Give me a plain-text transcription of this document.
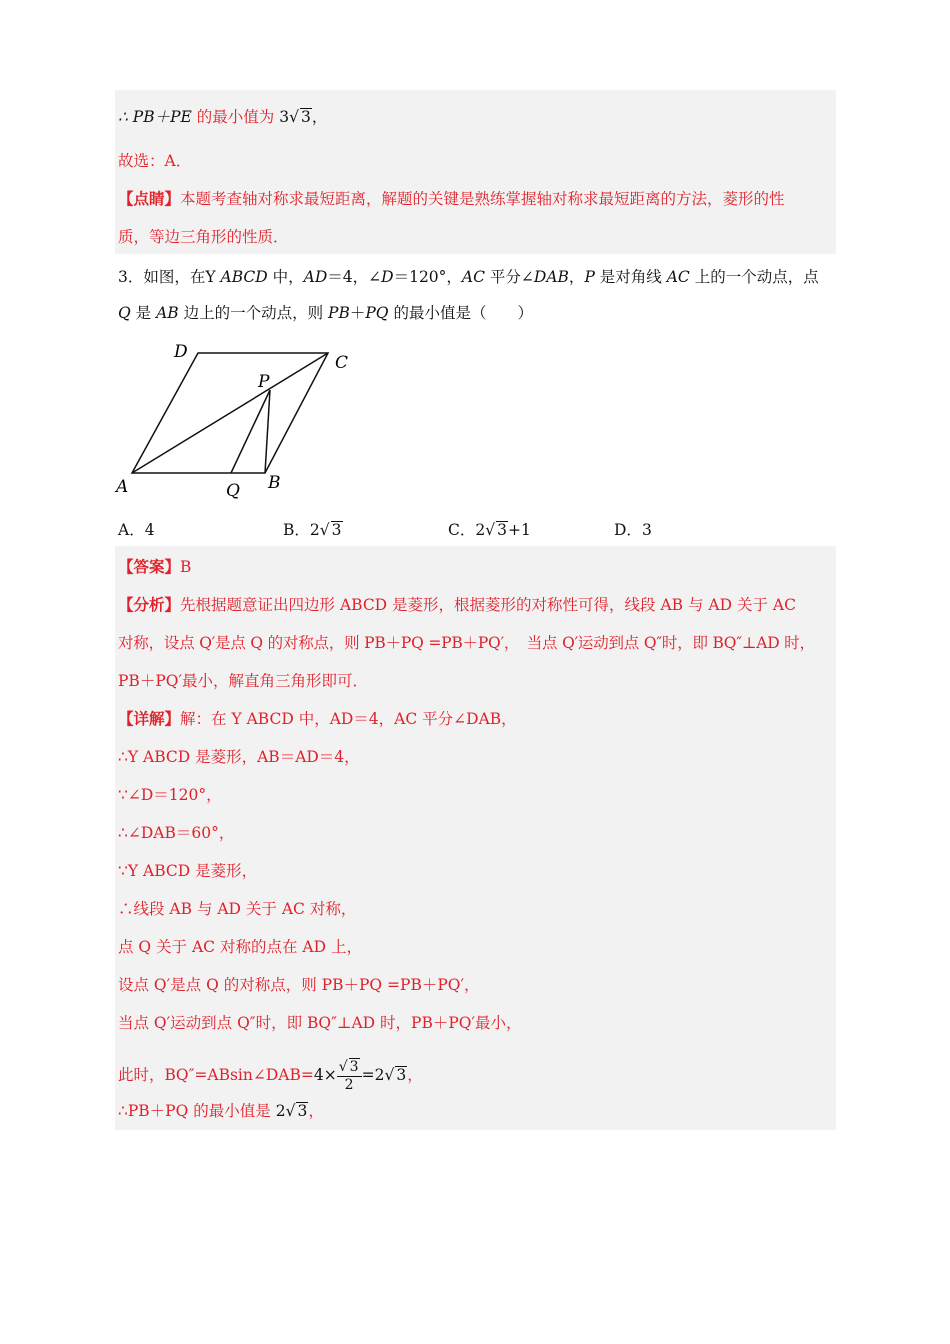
∴ PB＋PE 的最小值为 3√ 3，
故选：A．
【点睛】本题考查轴对称求最短距离，解题的关键是熟练掌握轴对称求最短距离的方法，菱形的性
质，等边三角形的性质．
3．如图，在Y ABCD 中，AD＝4，∠D＝120°，AC 平分∠DAB，P 是对角线 AC 上的一个动点，点
Q 是 AB 边上的一个动点，则 PB＋PQ 的最小值是（　　）
D
C
P
A	Q B
A．4	B．2√ 3	C．2√ 3+1	D．3
【答案】B
【分析】先根据题意证出四边形 ABCD 是菱形，根据菱形的对称性可得，线段 AB 与 AD 关于 AC
对称，设点 Q′是点 Q 的对称点，则 PB＋PQ =PB＋PQ′，　当点 Q′运动到点 Q″时，即 BQ″⊥AD 时，
PB＋PQ′最小，解直角三角形即可．
【详解】解：在 Y ABCD 中，AD＝4，AC 平分∠DAB，
∴Y ABCD 是菱形，AB＝AD＝4，
∵∠D＝120°，
∴∠DAB＝60°，
∵Y ABCD 是菱形，
∴线段 AB 与 AD 关于 AC 对称，
点 Q 关于 AC 对称的点在 AD 上，
设点 Q′是点 Q 的对称点，则 PB＋PQ =PB＋PQ′，
当点 Q′运动到点 Q″时，即 BQ″⊥AD 时，PB＋PQ′最小，
此时，BQ″=ABsin∠DAB=4× $\frac{√ 3}{2} =2√$ 3，
∴PB＋PQ 的最小值是 2√ 3，
